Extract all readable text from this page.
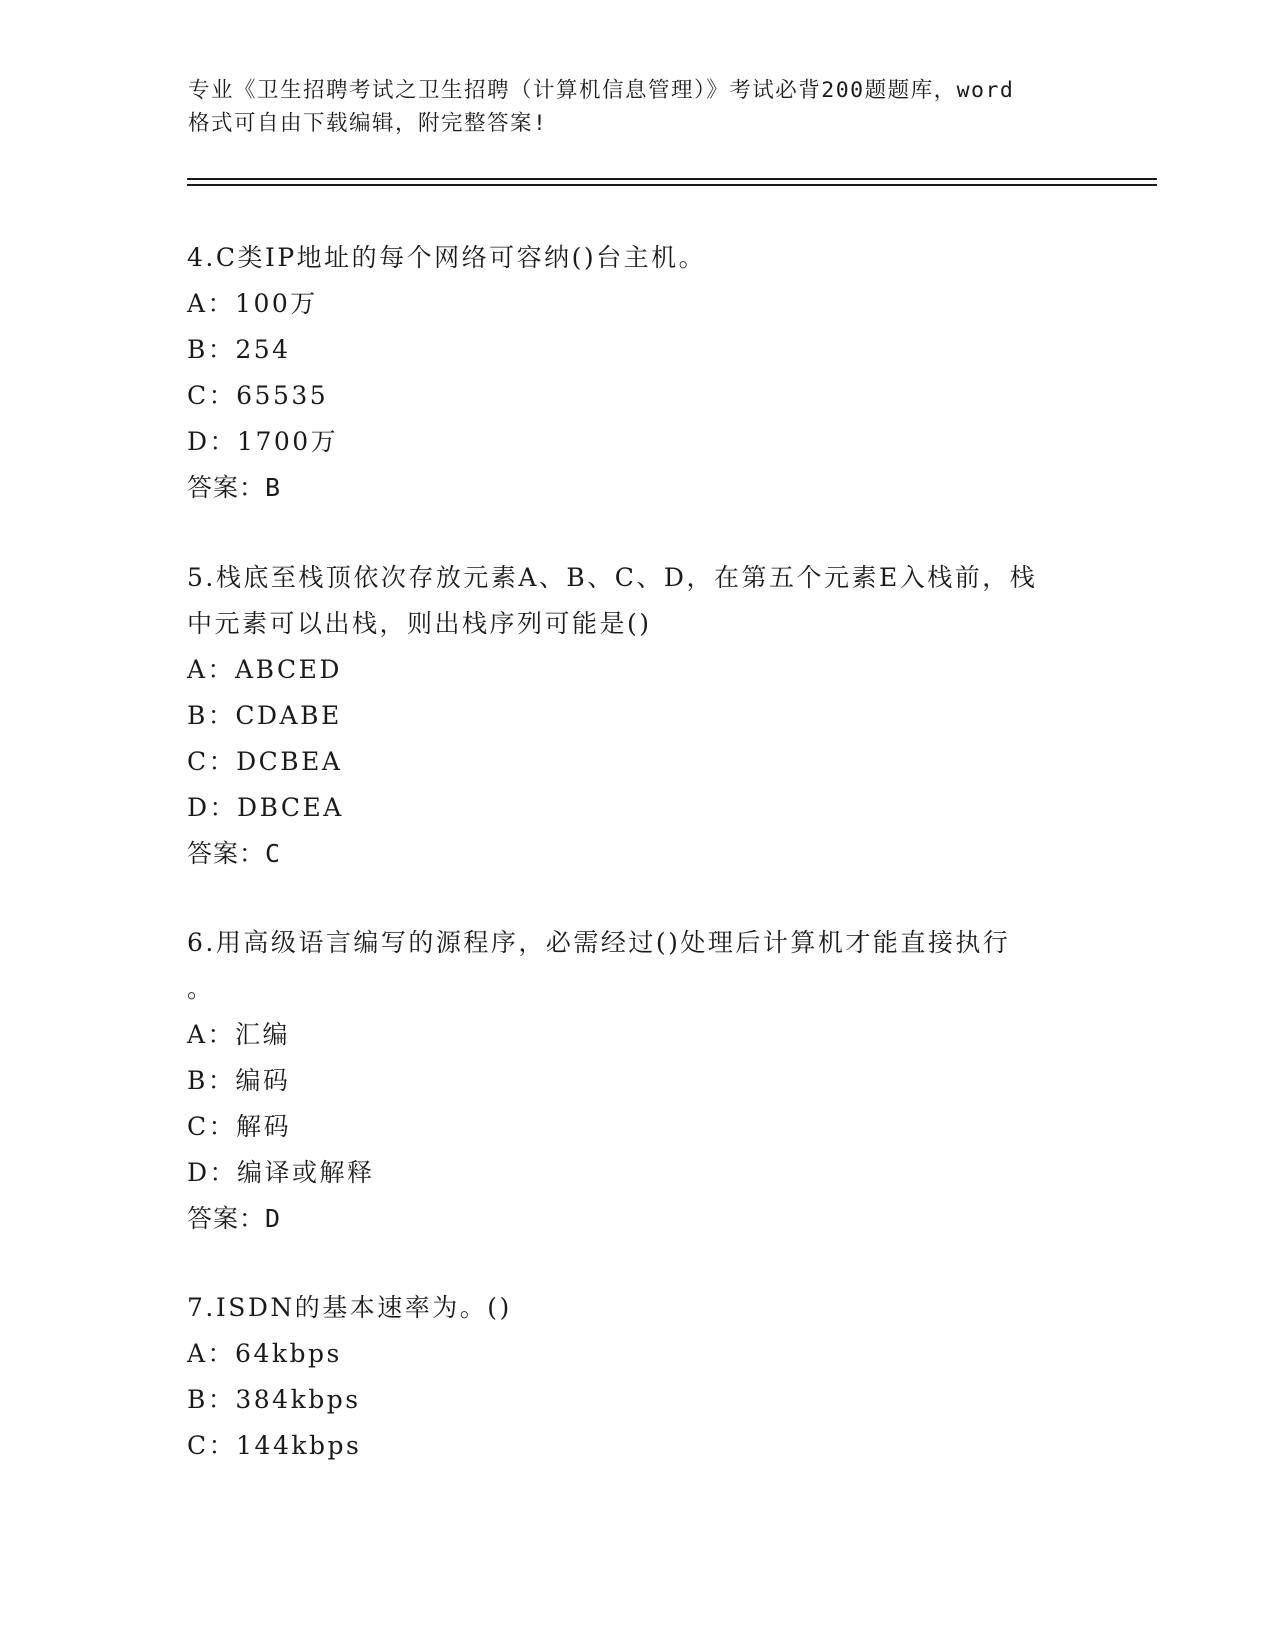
专业《卫生招聘考试之卫生招聘（计算机信息管理）》考试必背200题题库，word
格式可自由下载编辑，附完整答案!
4.C类IP地址的每个网络可容纳()台主机。
A：100万
B：254
C：65535
D：1700万
答案：B
5.栈底至栈顶依次存放元素A、B、C、D，在第五个元素E入栈前，栈
中元素可以出栈，则出栈序列可能是()
A：ABCED
B：CDABE
C：DCBEA
D：DBCEA
答案：C
6.用高级语言编写的源程序，必需经过()处理后计算机才能直接执行
。
A：汇编
B：编码
C：解码
D：编译或解释
答案：D
7.ISDN的基本速率为。()
A：64kbps
B：384kbps
C：144kbps
